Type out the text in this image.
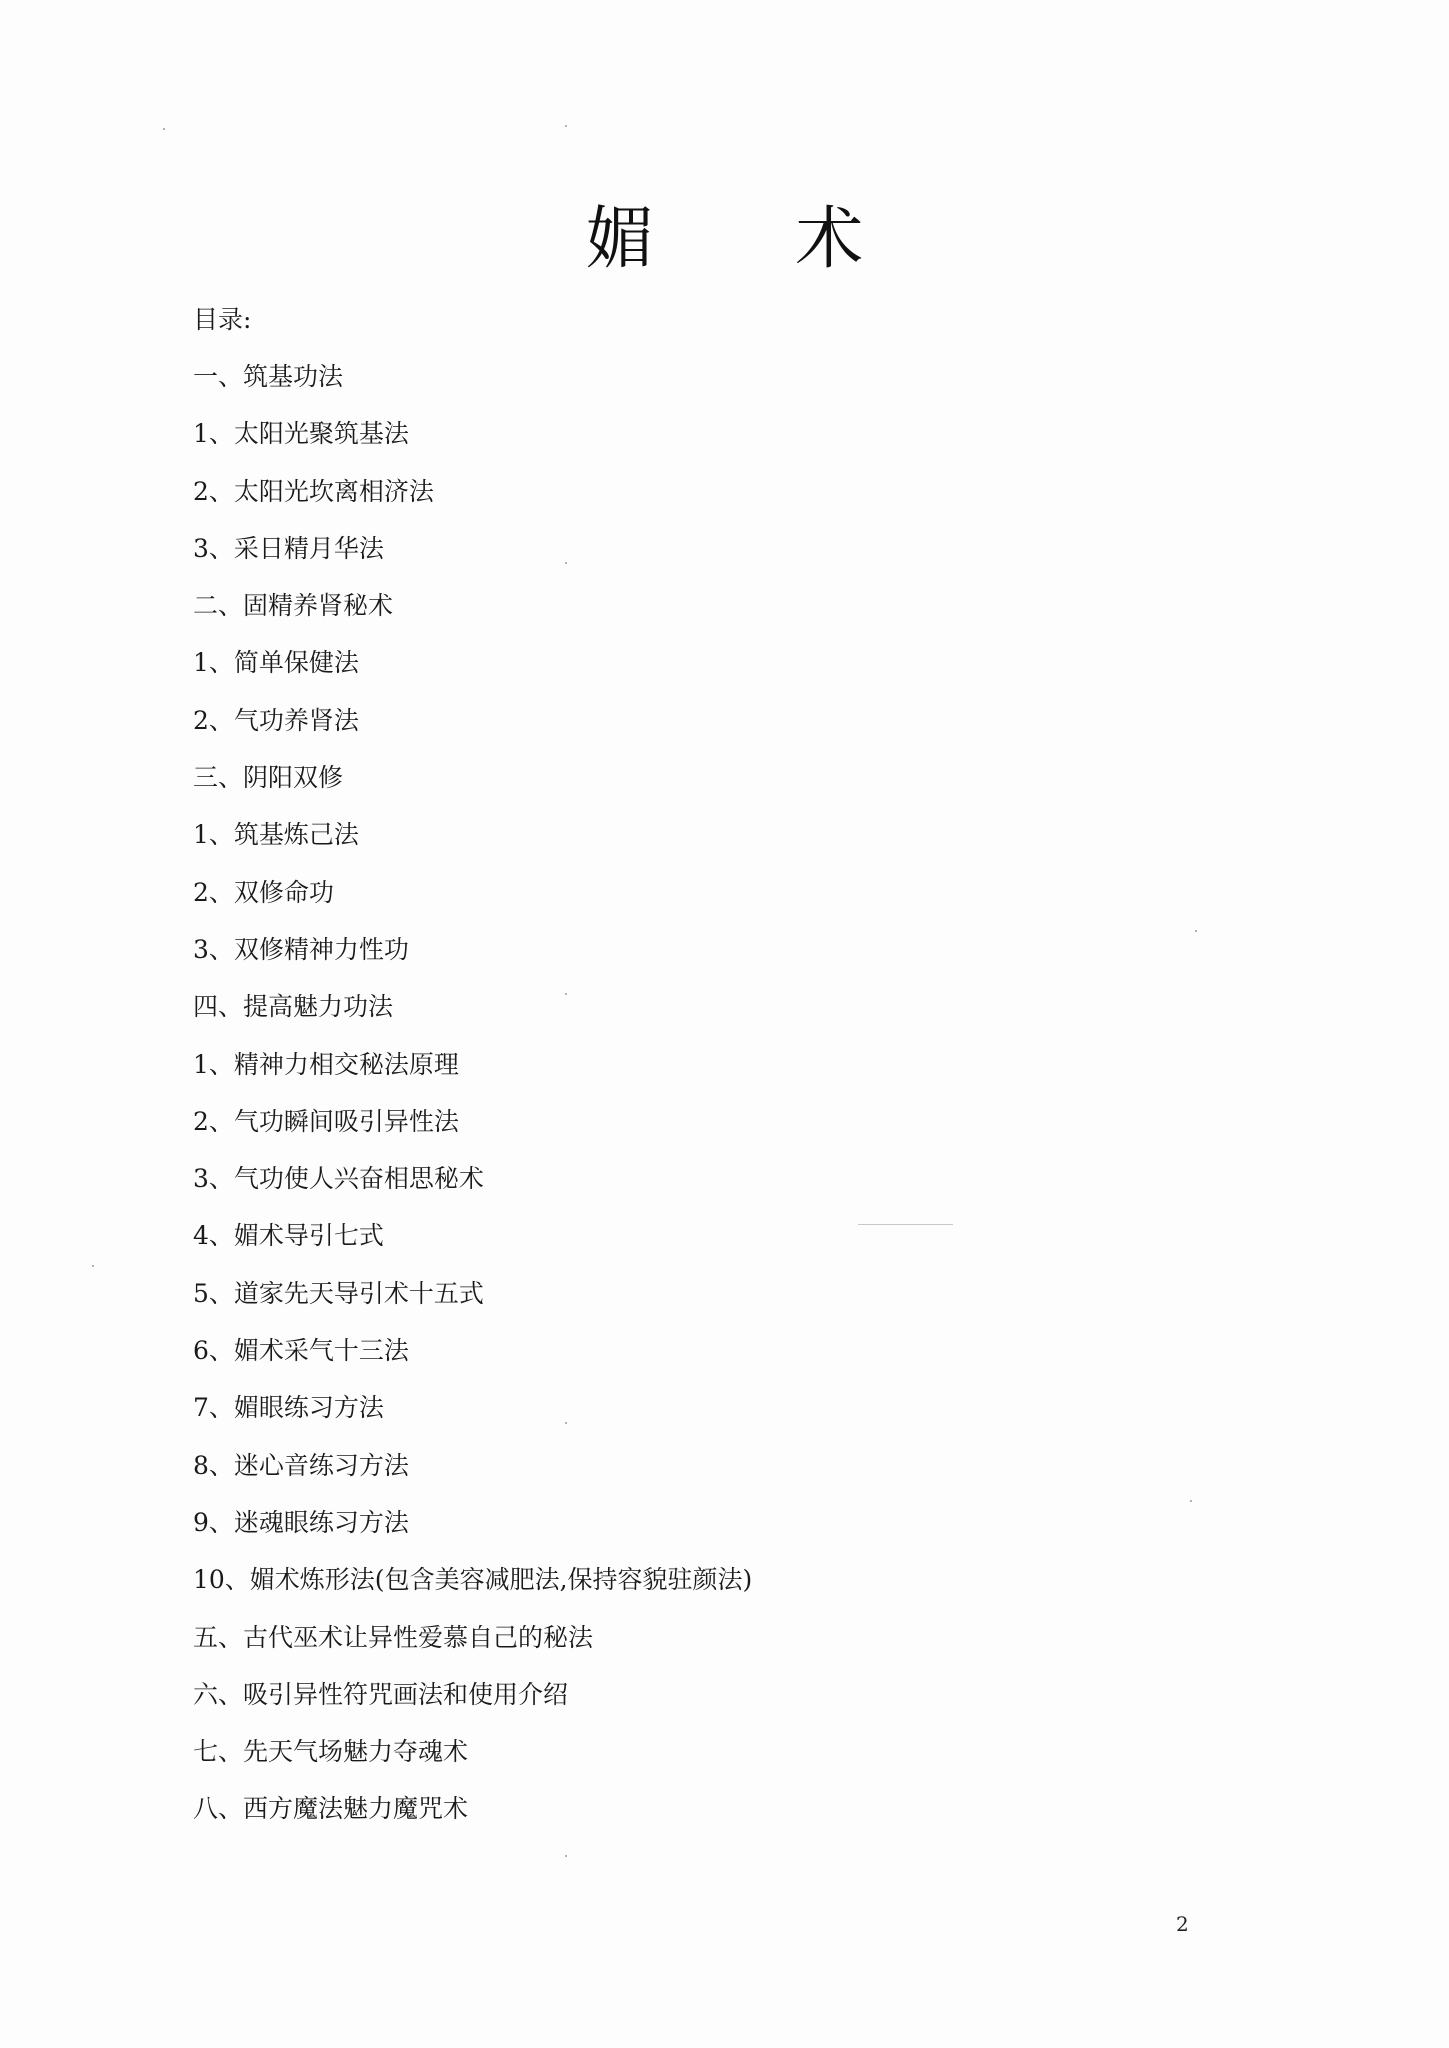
媚 术
目录:
一、筑基功法
1、太阳光聚筑基法
2、太阳光坎离相济法
3、采日精月华法
二、固精养肾秘术
1、简单保健法
2、气功养肾法
三、阴阳双修
1、筑基炼己法
2、双修命功
3、双修精神力性功
四、提高魅力功法
1、精神力相交秘法原理
2、气功瞬间吸引异性法
3、气功使人兴奋相思秘术
4、媚术导引七式
5、道家先天导引术十五式
6、媚术采气十三法
7、媚眼练习方法
8、迷心音练习方法
9、迷魂眼练习方法
10、媚术炼形法(包含美容减肥法,保持容貌驻颜法)
五、古代巫术让异性爱慕自己的秘法
六、吸引异性符咒画法和使用介绍
七、先天气场魅力夺魂术
八、西方魔法魅力魔咒术
2
